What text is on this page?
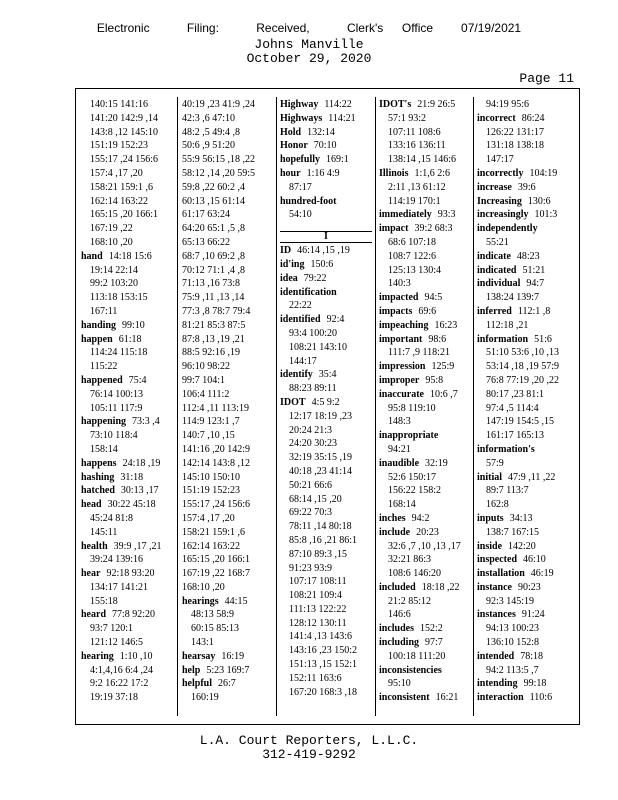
Electronic    Filing:    Received,    Clerk's  Office   07/19/2021
Johns Manville
October 29, 2020
Page 11
140:15 141:16
141:20 142:9 ,14
143:8 ,12 145:10
151:19 152:23
155:17 ,24 156:6
157:4 ,17 ,20
158:21 159:1 ,6
162:14 163:22
165:15 ,20 166:1
167:19 ,22
168:10 ,20
hand 14:18 15:6
19:14 22:14
99:2 103:20
113:18 153:15
167:11
handing 99:10
happen 61:18
114:24 115:18
115:22
happened 75:4
76:14 100:13
105:11 117:9
happening 73:3 ,4
73:10 118:4
158:14
happens 24:18 ,19
hashing 31:18
hatched 30:13 ,17
head 30:22 45:18
45:24 81:8
145:11
health 39:9 ,17 ,21
39:24 139:16
hear 92:18 93:20
134:17 141:21
155:18
heard 77:8 92:20
93:7 120:1
121:12 146:5
hearing 1:10 ,10
4:1,4,16 6:4 ,24
9:2 16:22 17:2
19:19 37:18
40:19 ,23 41:9 ,24
42:3 ,6 47:10
48:2 ,5 49:4 ,8
50:6 ,9 51:20
55:9 56:15 ,18 ,22
58:12 ,14 ,20 59:5
59:8 ,22 60:2 ,4
60:13 ,15 61:14
61:17 63:24
64:20 65:1 ,5 ,8
65:13 66:22
68:7 ,10 69:2 ,8
70:12 71:1 ,4 ,8
71:13 ,16 73:8
75:9 ,11 ,13 ,14
77:3 ,8 78:7 79:4
81:21 85:3 87:5
87:8 ,13 ,19 ,21
88:5 92:16 ,19
96:10 98:22
99:7 104:1
106:4 111:2
112:4 ,11 113:19
114:9 123:1 ,7
140:7 ,10 ,15
141:16 ,20 142:9
142:14 143:8 ,12
145:10 150:10
151:19 152:23
155:17 ,24 156:6
157:4 ,17 ,20
158:21 159:1 ,6
162:14 163:22
165:15 ,20 166:1
167:19 ,22 168:7
168:10 ,20
hearings 44:15
48:13 58:9
60:15 85:13
143:1
hearsay 16:19
help 5:23 169:7
helpful 26:7
160:19
Highway 114:22
Highways 114:21
Hold 132:14
Honor 70:10
hopefully 169:1
hour 1:16 4:9
87:17
hundred-foot
54:10
I
ID 46:14 ,15 ,19
id'ing 150:6
idea 79:22
identification
22:22
identified 92:4
93:4 100:20
108:21 143:10
144:17
identify 35:4
88:23 89:11
IDOT 4:5 9:2
12:17 18:19 ,23
20:24 21:3
24:20 30:23
32:19 35:15 ,19
40:18 ,23 41:14
50:21 66:6
68:14 ,15 ,20
69:22 70:3
78:11 ,14 80:18
85:8 ,16 ,21 86:1
87:10 89:3 ,15
91:23 93:9
107:17 108:11
108:21 109:4
111:13 122:22
128:12 130:11
141:4 ,13 143:6
143:16 ,23 150:2
151:13 ,15 152:1
152:11 163:6
167:20 168:3 ,18
IDOT's 21:9 26:5
57:1 93:2
107:11 108:6
133:16 136:11
138:14 ,15 146:6
Illinois 1:1,6 2:6
2:11 ,13 61:12
114:19 170:1
immediately 93:3
impact 39:2 68:3
68:6 107:18
108:7 122:6
125:13 130:4
140:3
impacted 94:5
impacts 69:6
impeaching 16:23
important 98:6
111:7 ,9 118:21
impression 125:9
improper 95:8
inaccurate 10:6 ,7
95:8 119:10
148:3
inappropriate
94:21
inaudible 32:19
52:6 150:17
156:22 158:2
168:14
inches 94:2
include 20:23
32:6 ,7 ,10 ,13 ,17
32:21 86:3
108:6 146:20
included 18:18 ,22
21:2 85:12
146:6
includes 152:2
including 97:7
100:18 111:20
inconsistencies
95:10
inconsistent 16:21
94:19 95:6
incorrect 86:24
126:22 131:17
131:18 138:18
147:17
incorrectly 104:19
increase 39:6
Increasing 130:6
increasingly 101:3
independently
55:21
indicate 48:23
indicated 51:21
individual 94:7
138:24 139:7
inferred 112:1 ,8
112:18 ,21
information 51:6
51:10 53:6 ,10 ,13
53:14 ,18 ,19 57:9
76:8 77:19 ,20 ,22
80:17 ,23 81:1
97:4 ,5 114:4
147:19 154:5 ,15
161:17 165:13
information's
57:9
initial 47:9 ,11 ,22
89:7 113:7
162:8
inputs 34:13
138:7 167:15
inside 142:20
inspected 46:10
installation 46:19
instance 90:23
92:3 145:19
instances 91:24
94:13 100:23
136:10 152:8
intended 78:18
94:2 113:5 ,7
intending 99:18
interaction 110:6
L.A. Court Reporters, L.L.C.
312-419-9292
